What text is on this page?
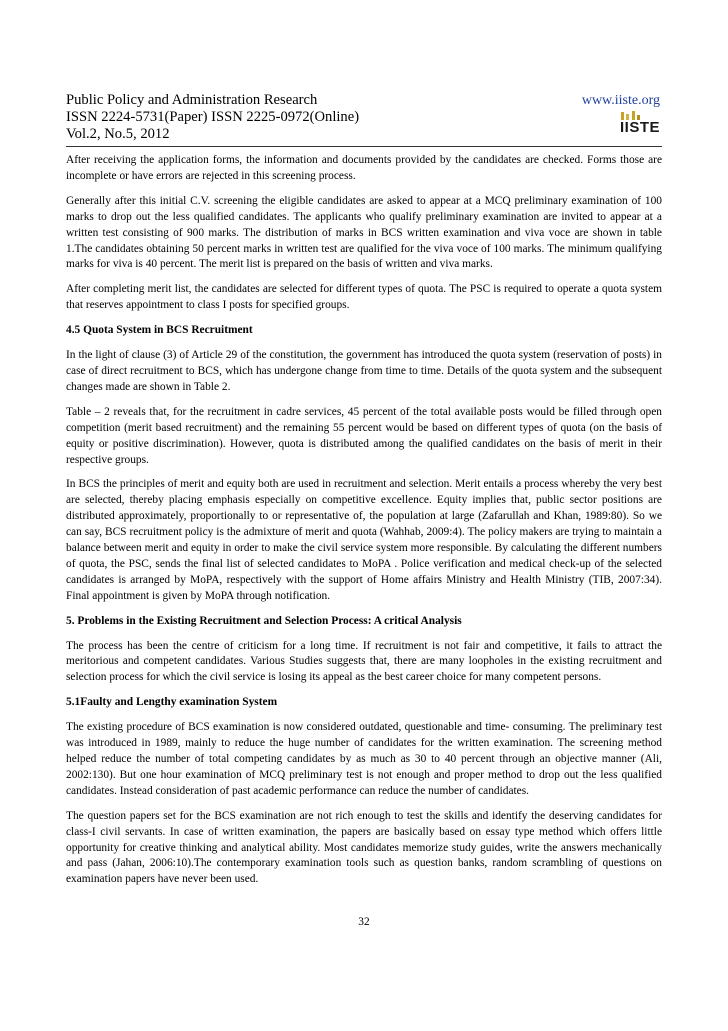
Public Policy and Administration Research
ISSN 2224-5731(Paper) ISSN 2225-0972(Online)
Vol.2, No.5, 2012
www.iiste.org
IISTE

After receiving the application forms, the information and documents provided by the candidates are checked. Forms those are incomplete or have errors are rejected in this screening process.

Generally after this initial C.V. screening the eligible candidates are asked to appear at a MCQ preliminary examination of 100 marks to drop out the less qualified candidates. The applicants who qualify preliminary examination are invited to appear at a written test consisting of 900 marks. The distribution of marks in BCS written examination and viva voce are shown in table 1.The candidates obtaining 50 percent marks in written test are qualified for the viva voce of 100 marks. The minimum qualifying marks for viva is 40 percent. The merit list is prepared on the basis of written and viva marks.

After completing merit list, the candidates are selected for different types of quota. The PSC is required to operate a quota system that reserves appointment to class I posts for specified groups.

4.5 Quota System in BCS Recruitment

In the light of clause (3) of Article 29 of the constitution, the government has introduced the quota system (reservation of posts) in case of direct recruitment to BCS, which has undergone change from time to time. Details of the quota system and the subsequent changes made are shown in Table 2.

Table – 2 reveals that, for the recruitment in cadre services, 45 percent of the total available posts would be filled through open competition (merit based recruitment) and the remaining 55 percent would be based on different types of quota (on the basis of equity or positive discrimination). However, quota is distributed among the qualified candidates on the basis of merit in their respective groups.

In BCS the principles of merit and equity both are used in recruitment and selection. Merit entails a process whereby the very best are selected, thereby placing emphasis especially on competitive excellence. Equity implies that, public sector positions are distributed approximately, proportionally to or representative of, the population at large (Zafarullah and Khan, 1989:80). So we can say, BCS recruitment policy is the admixture of merit and quota (Wahhab, 2009:4). The policy makers are trying to maintain a balance between merit and equity in order to make the civil service system more responsible. By calculating the different numbers of quota, the PSC, sends the final list of selected candidates to MoPA . Police verification and medical check-up of the selected candidates is arranged by MoPA, respectively with the support of Home affairs Ministry and Health Ministry (TIB, 2007:34). Final appointment is given by MoPA through notification.

5. Problems in the Existing Recruitment and Selection Process: A critical Analysis

The process has been the centre of criticism for a long time. If recruitment is not fair and competitive, it fails to attract the meritorious and competent candidates. Various Studies suggests that, there are many loopholes in the existing recruitment and selection process for which the civil service is losing its appeal as the best career choice for many competent persons.

5.1Faulty and Lengthy examination System

The existing procedure of BCS examination is now considered outdated, questionable and time- consuming. The preliminary test was introduced in 1989, mainly to reduce the huge number of candidates for the written examination. The screening method helped reduce the number of total competing candidates by as much as 30 to 40 percent through an objective manner (Ali, 2002:130). But one hour examination of MCQ preliminary test is not enough and proper method to drop out the less qualified candidates. Instead consideration of past academic performance can reduce the number of candidates.

The question papers set for the BCS examination are not rich enough to test the skills and identify the deserving candidates for class-I civil servants. In case of written examination, the papers are basically based on essay type method which offers little opportunity for creative thinking and analytical ability. Most candidates memorize study guides, write the answers mechanically and pass (Jahan, 2006:10).The contemporary examination tools such as question banks, random scrambling of questions on examination papers have never been used.

32
